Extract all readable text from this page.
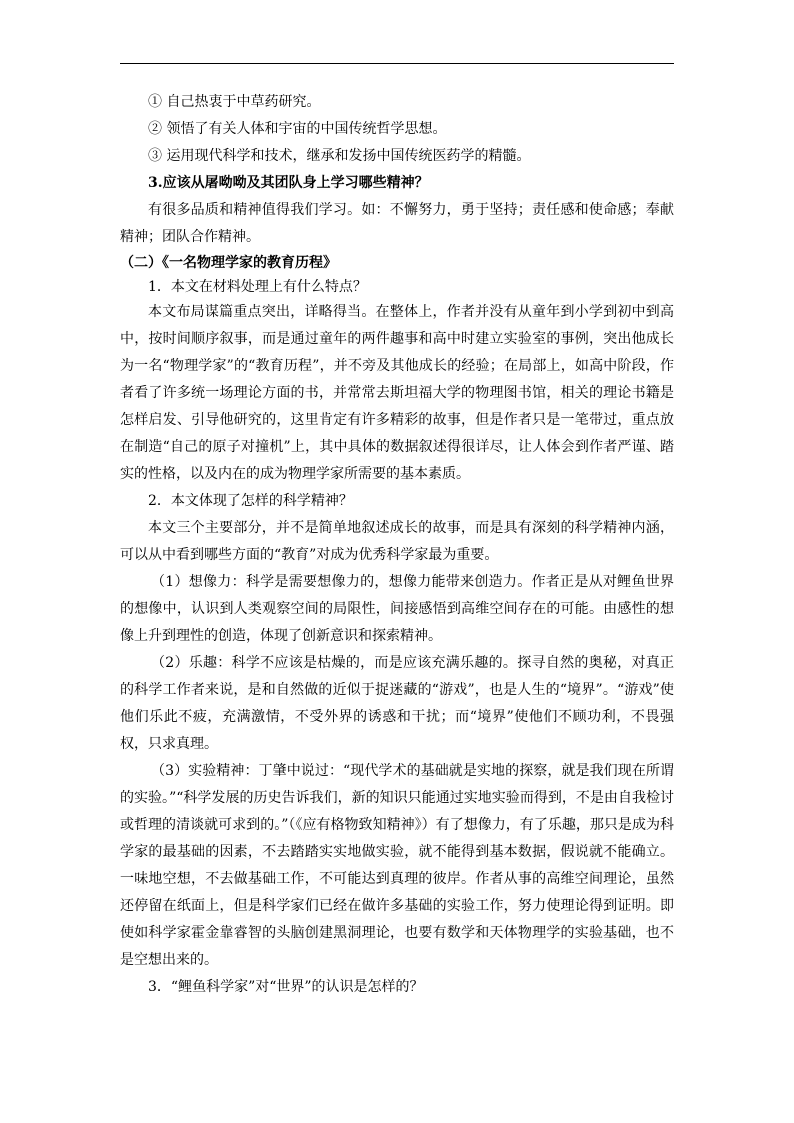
① 自己热衷于中草药研究。

② 领悟了有关人体和宇宙的中国传统哲学思想。

③ 运用现代科学和技术，继承和发扬中国传统医药学的精髓。

3.应该从屠呦呦及其团队身上学习哪些精神？

有很多品质和精神值得我们学习。如：不懈努力，勇于坚持；责任感和使命感；奉献精神；团队合作精神。

（二）《一名物理学家的教育历程》

1．本文在材料处理上有什么特点？

本文布局谋篇重点突出，详略得当。在整体上，作者并没有从童年到小学到初中到高中，按时间顺序叙事，而是通过童年的两件趣事和高中时建立实验室的事例，突出他成长为一名“物理学家”的“教育历程”，并不旁及其他成长的经验；在局部上，如高中阶段，作者看了许多统一场理论方面的书，并常常去斯坦福大学的物理图书馆，相关的理论书籍是怎样启发、引导他研究的，这里肯定有许多精彩的故事，但是作者只是一笔带过，重点放在制造“自己的原子对撞机”上，其中具体的数据叙述得很详尽，让人体会到作者严谨、踏实的性格，以及内在的成为物理学家所需要的基本素质。

2．本文体现了怎样的科学精神？

本文三个主要部分，并不是简单地叙述成长的故事，而是具有深刻的科学精神内涵，可以从中看到哪些方面的“教育”对成为优秀科学家最为重要。

（1）想像力：科学是需要想像力的，想像力能带来创造力。作者正是从对鲤鱼世界的想像中，认识到人类观察空间的局限性，间接感悟到高维空间存在的可能。由感性的想像上升到理性的创造，体现了创新意识和探索精神。

（2）乐趣：科学不应该是枯燥的，而是应该充满乐趣的。探寻自然的奥秘，对真正的科学工作者来说，是和自然做的近似于捉迷藏的“游戏”，也是人生的“境界”。“游戏”使他们乐此不疲，充满激情，不受外界的诱惑和干扰；而“境界”使他们不顾功利，不畏强权，只求真理。

（3）实验精神：丁肇中说过：“现代学术的基础就是实地的探察，就是我们现在所谓的实验。”“科学发展的历史告诉我们，新的知识只能通过实地实验而得到，不是由自我检讨或哲理的清谈就可求到的。”（《应有格物致知精神》）有了想像力，有了乐趣，那只是成为科学家的最基础的因素，不去踏踏实实地做实验，就不能得到基本数据，假说就不能确立。一味地空想，不去做基础工作，不可能达到真理的彼岸。作者从事的高维空间理论，虽然还停留在纸面上，但是科学家们已经在做许多基础的实验工作，努力使理论得到证明。即使如科学家霍金靠睿智的头脑创建黑洞理论，也要有数学和天体物理学的实验基础，也不是空想出来的。

3．“鲤鱼科学家”对“世界”的认识是怎样的？
